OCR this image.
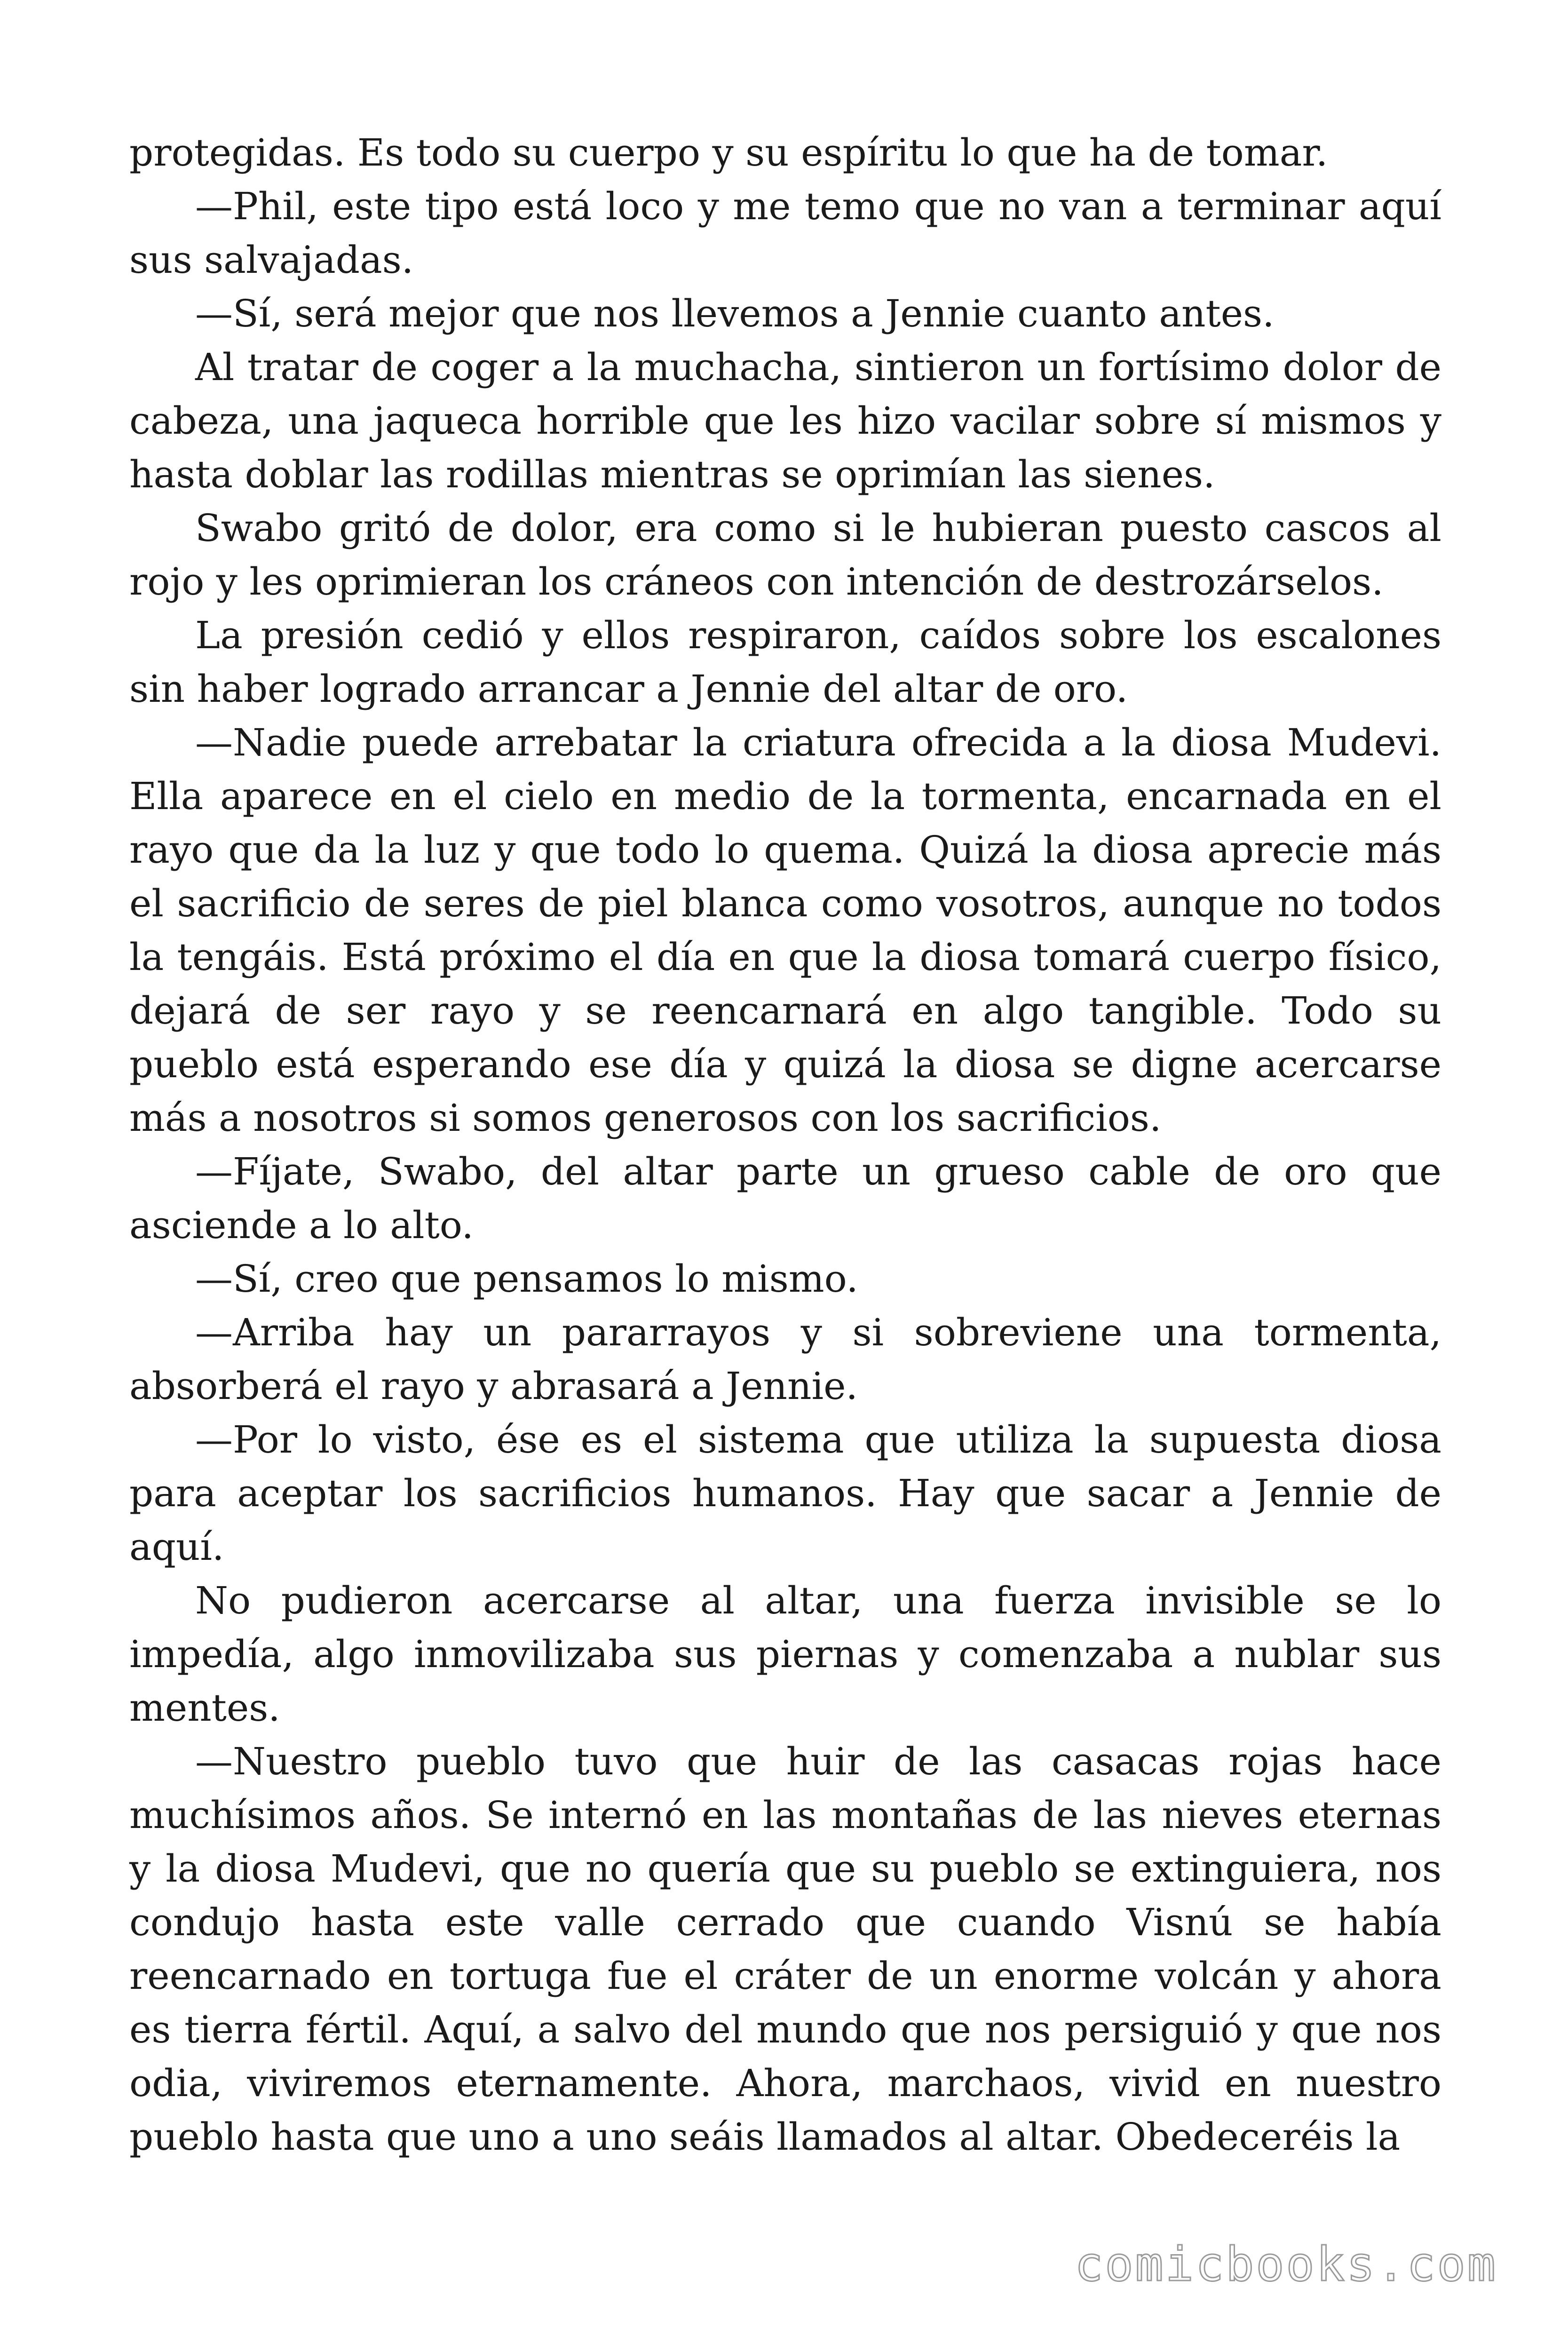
protegidas. Es todo su cuerpo y su espíritu lo que ha de tomar.

—Phil, este tipo está loco y me temo que no van a terminar aquí sus salvajadas.

—Sí, será mejor que nos llevemos a Jennie cuanto antes.

Al tratar de coger a la muchacha, sintieron un fortísimo dolor de cabeza, una jaqueca horrible que les hizo vacilar sobre sí mismos y hasta doblar las rodillas mientras se oprimían las sienes.

Swabo gritó de dolor, era como si le hubieran puesto cascos al rojo y les oprimieran los cráneos con intención de destrozárselos.

La presión cedió y ellos respiraron, caídos sobre los escalones sin haber logrado arrancar a Jennie del altar de oro.

—Nadie puede arrebatar la criatura ofrecida a la diosa Mudevi. Ella aparece en el cielo en medio de la tormenta, encarnada en el rayo que da la luz y que todo lo quema. Quizá la diosa aprecie más el sacrificio de seres de piel blanca como vosotros, aunque no todos la tengáis. Está próximo el día en que la diosa tomará cuerpo físico, dejará de ser rayo y se reencarnará en algo tangible. Todo su pueblo está esperando ese día y quizá la diosa se digne acercarse más a nosotros si somos generosos con los sacrificios.

—Fíjate, Swabo, del altar parte un grueso cable de oro que asciende a lo alto.

—Sí, creo que pensamos lo mismo.

—Arriba hay un pararrayos y si sobreviene una tormenta, absorberá el rayo y abrasará a Jennie.

—Por lo visto, ése es el sistema que utiliza la supuesta diosa para aceptar los sacrificios humanos. Hay que sacar a Jennie de aquí.

No pudieron acercarse al altar, una fuerza invisible se lo impedía, algo inmovilizaba sus piernas y comenzaba a nublar sus mentes.

—Nuestro pueblo tuvo que huir de las casacas rojas hace muchísimos años. Se internó en las montañas de las nieves eternas y la diosa Mudevi, que no quería que su pueblo se extinguiera, nos condujo hasta este valle cerrado que cuando Visnú se había reencarnado en tortuga fue el cráter de un enorme volcán y ahora es tierra fértil. Aquí, a salvo del mundo que nos persiguió y que nos odia, viviremos eternamente. Ahora, marchaos, vivid en nuestro pueblo hasta que uno a uno seáis llamados al altar. Obedeceréis la

comicbooks.com
